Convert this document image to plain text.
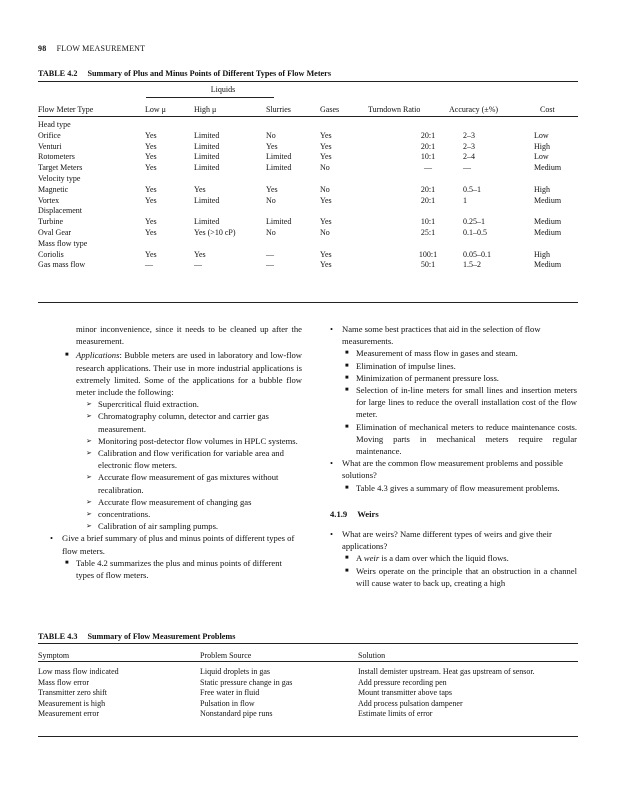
98 FLOW MEASUREMENT
TABLE 4.2 Summary of Plus and Minus Points of Different Types of Flow Meters
Liquids
Flow Meter Type	Low μ	High μ	Slurries	Gases	Turndown Ratio	Accuracy (±%)	Cost
Head type
Orifice	Yes	Limited	No	Yes	20:1	2–3	Low
Venturi	Yes	Limited	Yes	Yes	20:1	2–3	High
Rotometers	Yes	Limited	Limited	Yes	10:1	2–4	Low
Target Meters	Yes	Limited	Limited	No	—	—	Medium
Velocity type
Magnetic	Yes	Yes	Yes	No	20:1	0.5–1	High
Vortex	Yes	Limited	No	Yes	20:1	1	Medium
Displacement
Turbine	Yes	Limited	Limited	Yes	10:1	0.25–1	Medium
Oval Gear	Yes	Yes (>10 cP)	No	No	25:1	0.1–0.5	Medium
Mass flow type
Coriolis	Yes	Yes	—	Yes	100:1	0.05–0.1	High
Gas mass flow	—	—	—	Yes	50:1	1.5–2	Medium

minor inconvenience, since it needs to be cleaned up after the measurement.

■ Applications: Bubble meters are used in laboratory and low-flow research applications. Their use in more industrial applications is extremely limited. Some of the applications for a bubble flow meter include the following:
➢ Supercritical fluid extraction.
➢ Chromatography column, detector and carrier gas measurement.
➢ Monitoring post-detector flow volumes in HPLC systems.
➢ Calibration and flow verification for variable area and electronic flow meters.
➢ Accurate flow measurement of gas mixtures without recalibration.
➢ Accurate flow measurement of changing gas
➢ concentrations.
➢ Calibration of air sampling pumps.
• Give a brief summary of plus and minus points of different types of flow meters.
■ Table 4.2 summarizes the plus and minus points of different types of flow meters.
• Name some best practices that aid in the selection of flow measurements.
■ Measurement of mass flow in gases and steam.
■ Elimination of impulse lines.
■ Minimization of permanent pressure loss.
■ Selection of in-line meters for small lines and insertion meters for large lines to reduce the overall installation cost of the flow meter.
■ Elimination of mechanical meters to reduce maintenance costs. Moving parts in mechanical meters require regular maintenance.
• What are the common flow measurement problems and possible solutions?
■ Table 4.3 gives a summary of flow measurement problems.
4.1.9 Weirs
• What are weirs? Name different types of weirs and give their applications?
■ A weir is a dam over which the liquid flows.
■ Weirs operate on the principle that an obstruction in a channel will cause water to back up, creating a high
TABLE 4.3 Summary of Flow Measurement Problems
Symptom	Problem Source	Solution
Low mass flow indicated	Liquid droplets in gas	Install demister upstream. Heat gas upstream of sensor.
Mass flow error	Static pressure change in gas	Add pressure recording pen
Transmitter zero shift	Free water in fluid	Mount transmitter above taps
Measurement is high	Pulsation in flow	Add process pulsation dampener
Measurement error	Nonstandard pipe runs	Estimate limits of error
